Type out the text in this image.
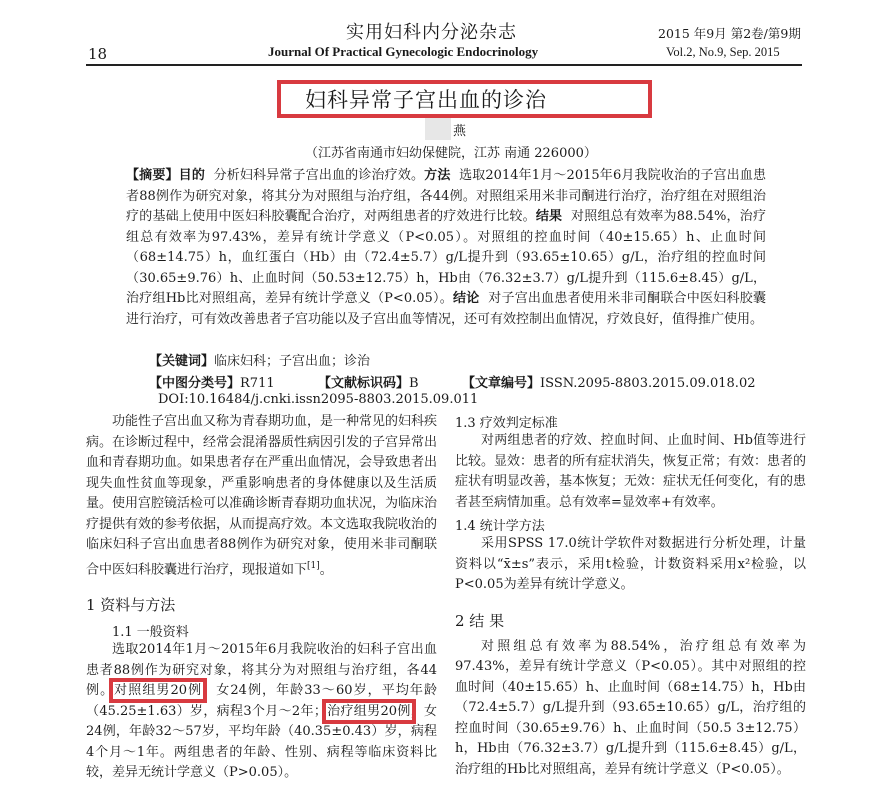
实用妇科内分泌杂志
18	Journal Of Practical Gynecologic Endocrinology
2015 年9月 第2卷/第9期
Vol.2, No.9, Sep. 2015
妇科异常子宫出血的诊治
燕
（江苏省南通市妇幼保健院，江苏 南通 226000）
【摘要】目的 分析妇科异常子宫出血的诊治疗效。方法 选取2014年1月～2015年6月我院收治的子宫出血患者88例作为研究对象，将其分为对照组与治疗组，各44例。对照组采用米非司酮进行治疗，治疗组在对照组治疗的基础上使用中医妇科胶囊配合治疗，对两组患者的疗效进行比较。结果 对照组总有效率为88.54%，治疗组总有效率为97.43%，差异有统计学意义（P<0.05）。对照组的控血时间（40±15.65）h、止血时间（68±14.75）h，血红蛋白（Hb）由（72.4±5.7）g/L提升到（93.65±10.65）g/L，治疗组的控血时间（30.65±9.76）h、止血时间（50.53±12.75）h，Hb由（76.32±3.7）g/L提升到（115.6±8.45）g/L，治疗组Hb比对照组高，差异有统计学意义（P<0.05）。结论 对子宫出血患者使用米非司酮联合中医妇科胶囊进行治疗，可有效改善患者子宫功能以及子宫出血等情况，还可有效控制出血情况，疗效良好，值得推广使用。
【关键词】临床妇科；子宫出血；诊治
【中图分类号】R711	【文献标识码】B	【文章编号】ISSN.2095-8803.2015.09.018.02
DOI:10.16484/j.cnki.issn2095-8803.2015.09.011
功能性子宫出血又称为青春期功血，是一种常见的妇科疾病。在诊断过程中，经常会混淆器质性病因引发的子宫异常出血和青春期功血。如果患者存在严重出血情况，会导致患者出现失血性贫血等现象，严重影响患者的身体健康以及生活质量。使用宫腔镜活检可以准确诊断青春期功血状况，为临床治疗提供有效的参考依据，从而提高疗效。本文选取我院收治的临床妇科子宫出血患者88例作为研究对象，使用米非司酮联合中医妇科胶囊进行治疗，现报道如下[1]。
1 资料与方法
1.1 一般资料
选取2014年1月～2015年6月我院收治的妇科子宫出血患者88例作为研究对象，将其分为对照组与治疗组，各44例。对照组男20例，女24例，年龄33～60岁，平均年龄（45.25±1.63）岁，病程3个月～2年；治疗组男20例，女24例，年龄32～57岁，平均年龄（40.35±0.43）岁，病程4个月～1年。两组患者的年龄、性别、病程等临床资料比较，差异无统计学意义（P>0.05）。
1.3 疗效判定标准
对两组患者的疗效、控血时间、止血时间、Hb值等进行比较。显效：患者的所有症状消失，恢复正常；有效：患者的症状有明显改善，基本恢复；无效：症状无任何变化，有的患者甚至病情加重。总有效率=显效率+有效率。
1.4 统计学方法
采用SPSS 17.0统计学软件对数据进行分析处理，计量资料以“x̄±s”表示，采用t检验，计数资料采用x²检验，以P<0.05为差异有统计学意义。
2 结 果
对照组总有效率为88.54%，治疗组总有效率为97.43%，差异有统计学意义（P<0.05）。其中对照组的控血时间（40±15.65）h、止血时间（68±14.75）h，Hb由（72.4±5.7）g/L提升到（93.65±10.65）g/L，治疗组的控血时间（30.65±9.76）h、止血时间（50.5 3±12.75）h，Hb由（76.32±3.7）g/L提升到（115.6±8.45）g/L，治疗组的Hb比对照组高，差异有统计学意义（P<0.05）。
